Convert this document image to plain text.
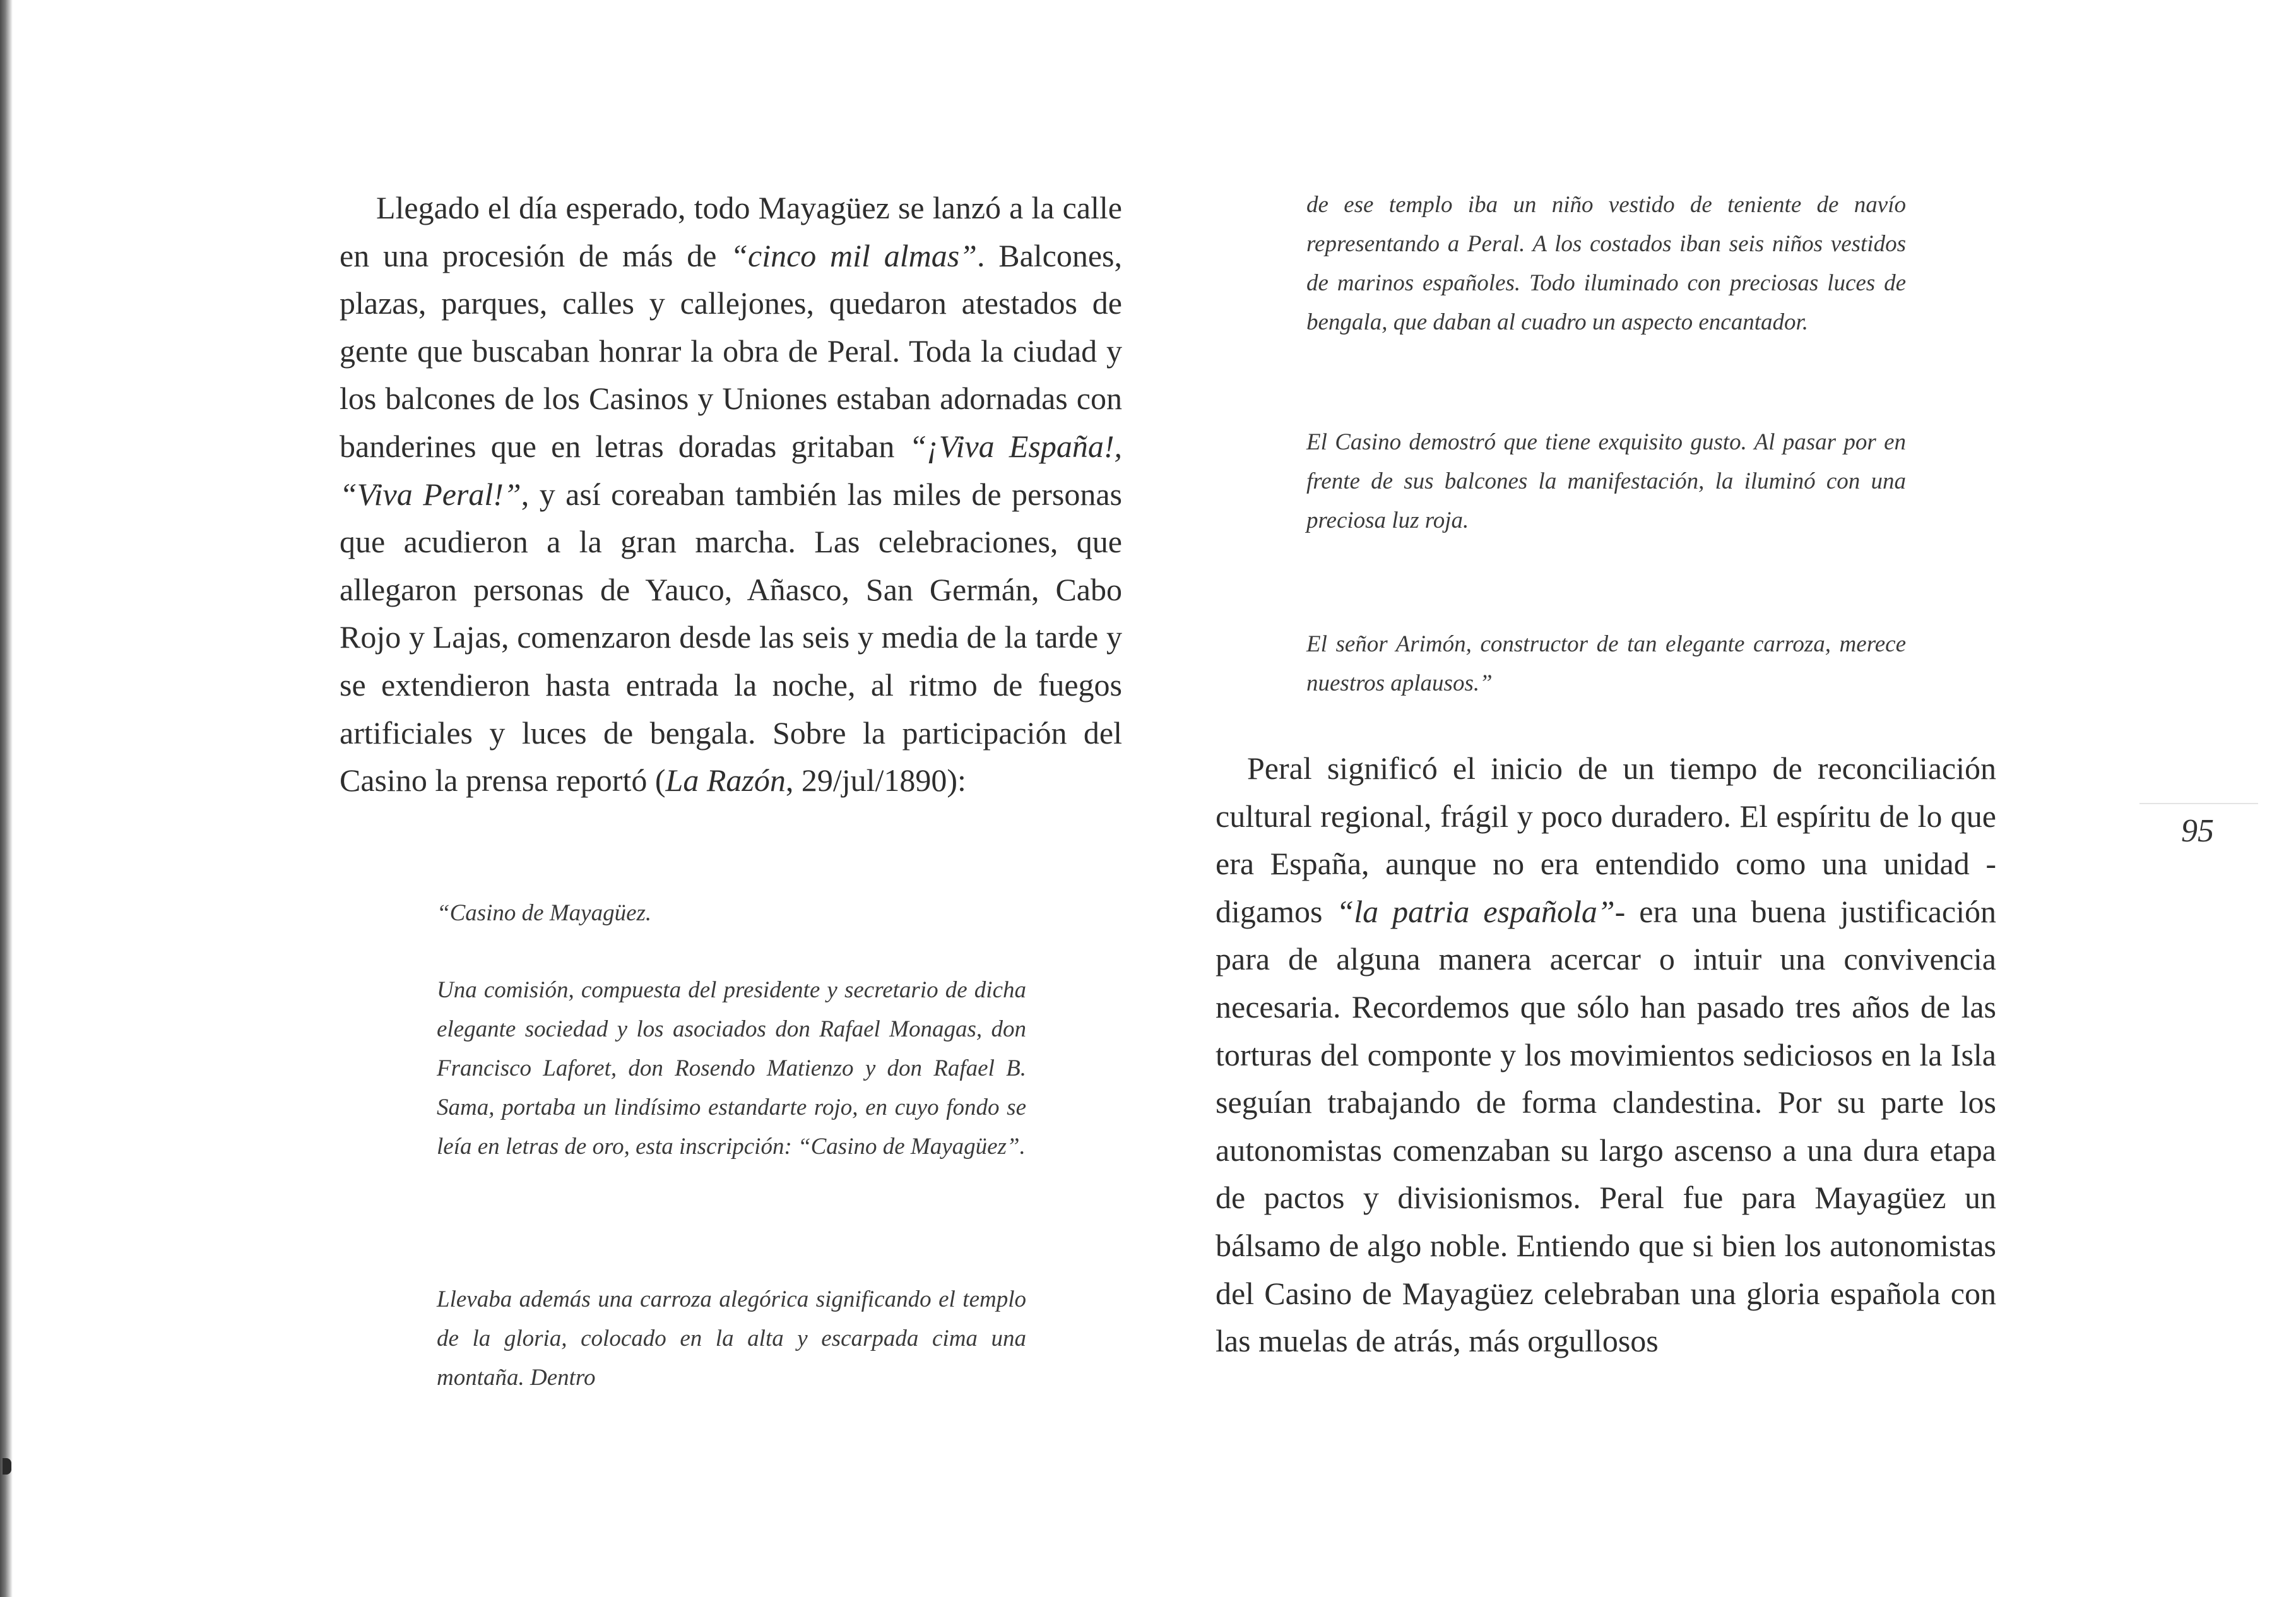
Llegado el día esperado, todo Mayagüez se lanzó a la calle en una procesión de más de “cinco mil almas”. Balcones, plazas, parques, calles y callejones, quedaron atestados de gente que buscaban honrar la obra de Peral. Toda la ciudad y los balcones de los Casinos y Uniones estaban adornadas con banderines que en letras doradas gritaban “¡Viva España!, “Viva Peral!”, y así coreaban también las miles de personas que acudieron a la gran marcha. Las celebraciones, que allegaron personas de Yauco, Añasco, San Germán, Cabo Rojo y Lajas, comenzaron desde las seis y media de la tarde y se extendieron hasta entrada la noche, al ritmo de fuegos artificiales y luces de bengala. Sobre la participación del Casino la prensa reportó (La Razón, 29/jul/1890):

“Casino de Mayagüez.

Una comisión, compuesta del presidente y secretario de dicha elegante sociedad y los asociados don Rafael Monagas, don Francisco Laforet, don Rosendo Matienzo y don Rafael B. Sama, portaba un lindísimo estandarte rojo, en cuyo fondo se leía en letras de oro, esta inscripción: “Casino de Mayagüez”.

Llevaba además una carroza alegórica significando el templo de la gloria, colocado en la alta y escarpada cima una montaña. Dentro

de ese templo iba un niño vestido de teniente de navío representando a Peral. A los costados iban seis niños vestidos de marinos españoles. Todo iluminado con preciosas luces de bengala, que daban al cuadro un aspecto encantador.

El Casino demostró que tiene exquisito gusto. Al pasar por en frente de sus balcones la manifestación, la iluminó con una preciosa luz roja.

El señor Arimón, constructor de tan elegante carroza, merece nuestros aplausos.”

Peral significó el inicio de un tiempo de reconciliación cultural regional, frágil y poco duradero. El espíritu de lo que era España, aunque no era entendido como una unidad -digamos “la patria española”- era una buena justificación para de alguna manera acercar o intuir una convivencia necesaria. Recordemos que sólo han pasado tres años de las torturas del componte y los movimientos sediciosos en la Isla seguían trabajando de forma clandestina. Por su parte los autonomistas comenzaban su largo ascenso a una dura etapa de pactos y divisionismos. Peral fue para Mayagüez un bálsamo de algo noble. Entiendo que si bien los autonomistas del Casino de Mayagüez celebraban una gloria española con las muelas de atrás, más orgullosos

95
